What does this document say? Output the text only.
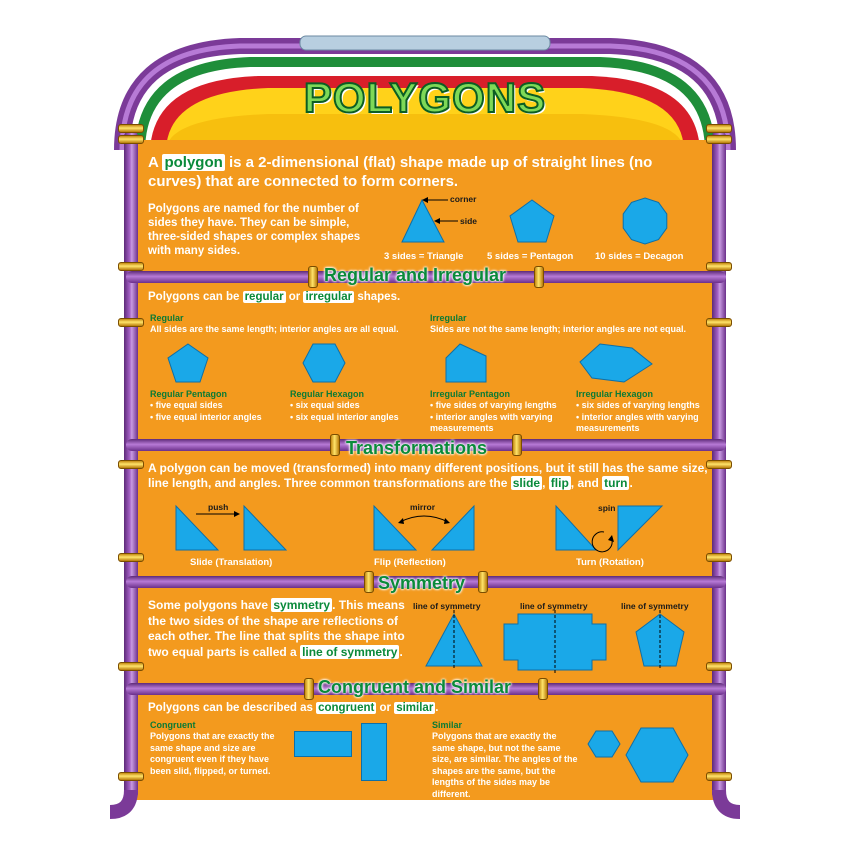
POLYGONS
A polygon is a 2-dimensional (flat) shape made up of straight lines (no curves) that are connected to form corners.
Polygons are named for the number of sides they have. They can be simple, three-sided shapes or complex shapes with many sides.
corner
side
3 sides = Triangle 5 sides = Pentagon 10 sides = Decagon
Regular and Irregular
Polygons can be regular or irregular shapes.
Regular
All sides are the same length; interior angles are all equal.
Irregular
Sides are not the same length; interior angles are not equal.
Regular Pentagon
• five equal sides
• five equal interior angles
Regular Hexagon
• six equal sides
• six equal interior angles
Irregular Pentagon
• five sides of varying lengths
• interior angles with varying measurements
Irregular Hexagon
• six sides of varying lengths
• interior angles with varying measurements
Transformations
A polygon can be moved (transformed) into many different positions, but it still has the same size, line length, and angles. Three common transformations are the slide , flip , and turn .
push
Slide (Translation)
mirror
Flip (Reflection)
spin
Turn (Rotation)
Symmetry
Some polygons have symmetry . This means the two sides of the shape are reflections of each other. The line that splits the shape into two equal parts is called a line of symmetry .
line of symmetry	line of symmetry	line of symmetry
Congruent and Similar
Polygons can be described as congruent or similar .
Congruent
Polygons that are exactly the same shape and size are congruent even if they have been slid, flipped, or turned.
Similar
Polygons that are exactly the same shape, but not the same size, are similar. The angles of the shapes are the same, but the lengths of the sides may be different.
